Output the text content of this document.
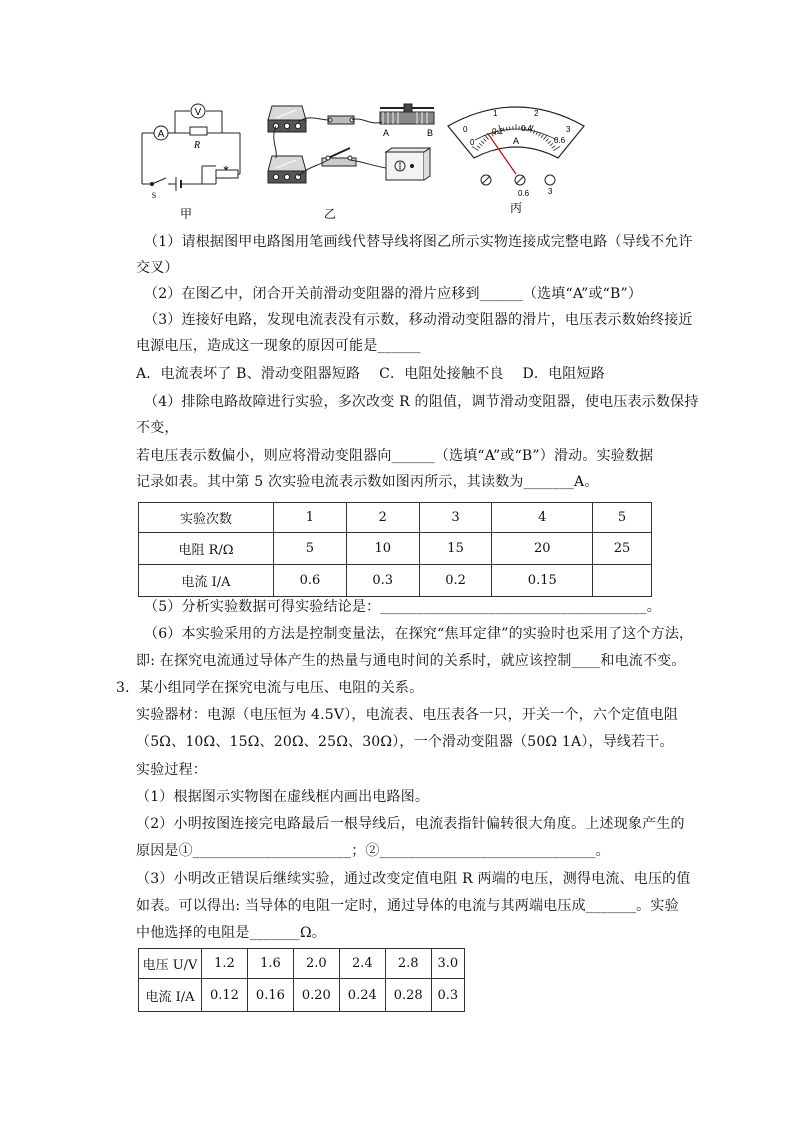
A
V
R
S
甲
A	B
乙
0
0.2 0.4
0.6
0
1	2
3
A
0.6 3
丙
（1）请根据图甲电路图用笔画线代替导线将图乙所示实物连接成完整电路（导线不允许
交叉）
（2）在图乙中，闭合开关前滑动变阻器的滑片应移到______（选填“A”或“B”）
（3）连接好电路，发现电流表没有示数，移动滑动变阻器的滑片，电压表示数始终接近
电源电压，造成这一现象的原因可能是______
A．电流表坏了 B、滑动变阻器短路　 C．电阻处接触不良　 D．电阻短路
（4）排除电路故障进行实验，多次改变 R 的阻值，调节滑动变阻器，使电压表示数保持
不变，
若电压表示数偏小，则应将滑动变阻器向______（选填“A”或“B”）滑动。实验数据
记录如表。其中第 5 次实验电流表示数如图丙所示，其读数为_______A。
实验次数	1	2	3	4	5
电阻 R/Ω	5	10	15	20	25
电流 I/A	0.6	0.3	0.2	0.15	
（5）分析实验数据可得实验结论是：_____________________________________。
（6）本实验采用的方法是控制变量法，在探究“焦耳定律”的实验时也采用了这个方法，
即: 在探究电流通过导体产生的热量与通电时间的关系时，就应该控制____和电流不变。
3．某小组同学在探究电流与电压、电阻的关系。
实验器材：电源（电压恒为 4.5V），电流表、电压表各一只，开关一个，六个定值电阻
（5Ω、10Ω、15Ω、20Ω、25Ω、30Ω），一个滑动变阻器（50Ω 1A），导线若干。
实验过程：
（1）根据图示实物图在虚线框内画出电路图。
（2）小明按图连接完电路最后一根导线后，电流表指针偏转很大角度。上述现象产生的
原因是①______________________；②______________________________。
（3）小明改正错误后继续实验，通过改变定值电阻 R 两端的电压，测得电流、电压的值
如表。可以得出: 当导体的电阻一定时，通过导体的电流与其两端电压成_______。实验
中他选择的电阻是_______Ω。
电压 U/V	1.2	1.6	2.0	2.4	2.8	3.0
电流 I/A	0.12	0.16	0.20	0.24	0.28	0.3
